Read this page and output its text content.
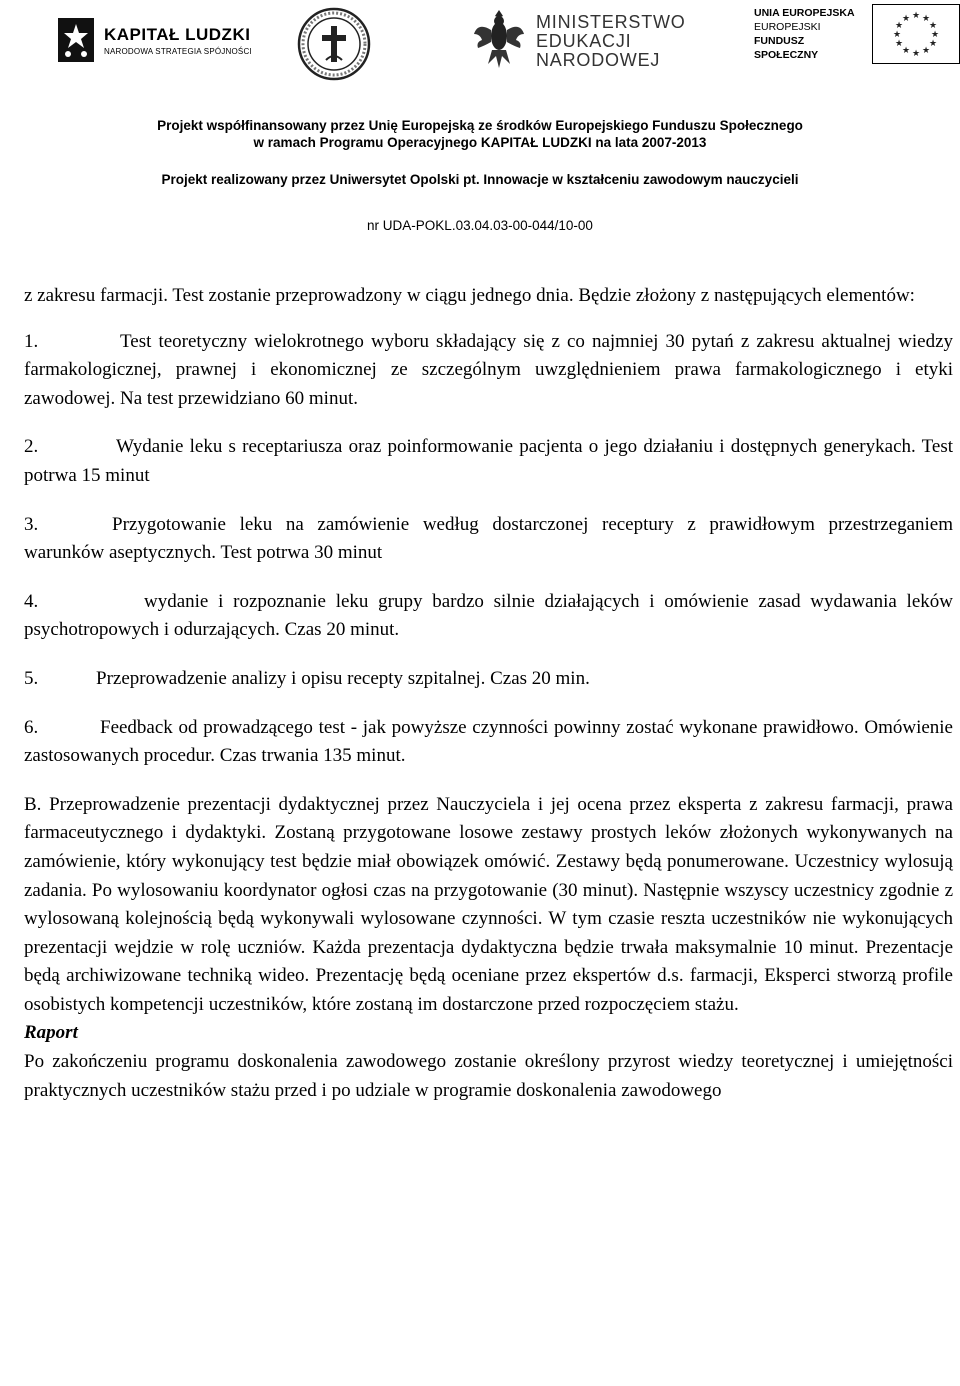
KAPITAŁ LUDZKI
NARODOWA STRATEGIA SPÓJNOŚCI
MINISTERSTWO
EDUKACJI
NARODOWEJ
UNIA EUROPEJSKA
EUROPEJSKI
FUNDUSZ SPOŁECZNY
★ ★
★
★
★
★
★
★
★
★
★
★
Projekt współfinansowany przez Unię Europejską ze środków Europejskiego Funduszu Społecznego
w ramach Programu Operacyjnego KAPITAŁ LUDZKI na lata 2007-2013
Projekt realizowany przez Uniwersytet Opolski pt. Innowacje w kształceniu zawodowym nauczycieli
nr UDA-POKL.03.04.03-00-044/10-00

z zakresu farmacji. Test zostanie przeprowadzony w ciągu jednego dnia. Będzie złożony z następujących elementów:

1.	Test teoretyczny wielokrotnego wyboru składający się z co najmniej 30 pytań z zakresu aktualnej wiedzy farmakologicznej, prawnej i ekonomicznej ze szczególnym uwzględnieniem prawa farmakologicznego i etyki zawodowej. Na test przewidziano 60 minut.

2.	Wydanie leku s receptariusza oraz poinformowanie pacjenta o jego działaniu i dostępnych generykach. Test potrwa 15 minut

3.	Przygotowanie leku na zamówienie według dostarczonej receptury z prawidłowym przestrzeganiem warunków aseptycznych. Test potrwa 30 minut

4.	wydanie i rozpoznanie leku grupy bardzo silnie działających i omówienie zasad wydawania leków psychotropowych i odurzających. Czas 20 minut.

5.	Przeprowadzenie analizy i opisu recepty szpitalnej. Czas 20 min.

6.	Feedback od prowadzącego test - jak powyższe czynności powinny zostać wykonane prawidłowo. Omówienie zastosowanych procedur. Czas trwania 135 minut.

B. Przeprowadzenie prezentacji dydaktycznej przez Nauczyciela i jej ocena przez eksperta z zakresu farmacji, prawa farmaceutycznego i dydaktyki. Zostaną przygotowane losowe zestawy prostych leków złożonych wykonywanych na zamówienie, który wykonujący test będzie miał obowiązek omówić. Zestawy będą ponumerowane. Uczestnicy wylosują zadania. Po wylosowaniu koordynator ogłosi czas na przygotowanie (30 minut). Następnie wszyscy uczestnicy zgodnie z wylosowaną kolejnością będą wykonywali wylosowane czynności. W tym czasie reszta uczestników nie wykonujących prezentacji wejdzie w rolę uczniów. Każda prezentacja dydaktyczna będzie trwała maksymalnie 10 minut. Prezentacje będą archiwizowane techniką wideo. Prezentację będą oceniane przez ekspertów d.s. farmacji, Eksperci stworzą profile osobistych kompetencji uczestników, które zostaną im dostarczone przed rozpoczęciem stażu.

Raport

Po zakończeniu programu doskonalenia zawodowego zostanie określony przyrost wiedzy teoretycznej i umiejętności praktycznych uczestników stażu przed i po udziale w programie doskonalenia zawodowego
